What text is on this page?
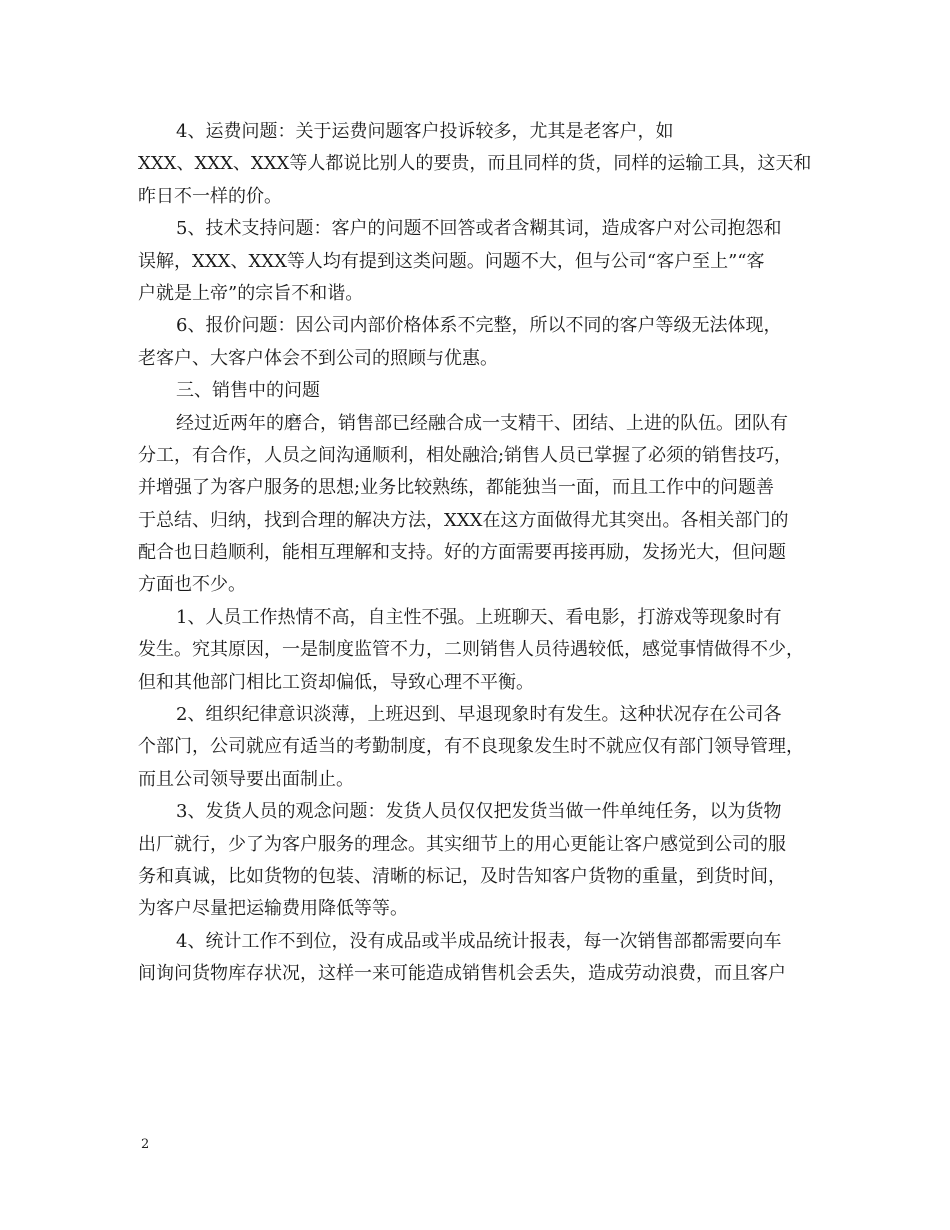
4、运费问题：关于运费问题客户投诉较多，尤其是老客户，如
XXX、XXX、XXX等人都说比别人的要贵，而且同样的货，同样的运输工具，这天和
昨日不一样的价。
5、技术支持问题：客户的问题不回答或者含糊其词，造成客户对公司抱怨和
误解，XXX、XXX等人均有提到这类问题。问题不大，但与公司“客户至上”“客
户就是上帝”的宗旨不和谐。
6、报价问题：因公司内部价格体系不完整，所以不同的客户等级无法体现，
老客户、大客户体会不到公司的照顾与优惠。
三、销售中的问题
经过近两年的磨合，销售部已经融合成一支精干、团结、上进的队伍。团队有
分工，有合作，人员之间沟通顺利，相处融洽;销售人员已掌握了必须的销售技巧，
并增强了为客户服务的思想;业务比较熟练，都能独当一面，而且工作中的问题善
于总结、归纳，找到合理的解决方法，XXX在这方面做得尤其突出。各相关部门的
配合也日趋顺利，能相互理解和支持。好的方面需要再接再励，发扬光大，但问题
方面也不少。
1、人员工作热情不高，自主性不强。上班聊天、看电影，打游戏等现象时有
发生。究其原因，一是制度监管不力，二则销售人员待遇较低，感觉事情做得不少，
但和其他部门相比工资却偏低，导致心理不平衡。
2、组织纪律意识淡薄，上班迟到、早退现象时有发生。这种状况存在公司各
个部门，公司就应有适当的考勤制度，有不良现象发生时不就应仅有部门领导管理，
而且公司领导要出面制止。
3、发货人员的观念问题：发货人员仅仅把发货当做一件单纯任务，以为货物
出厂就行，少了为客户服务的理念。其实细节上的用心更能让客户感觉到公司的服
务和真诚，比如货物的包装、清晰的标记，及时告知客户货物的重量，到货时间，
为客户尽量把运输费用降低等等。
4、统计工作不到位，没有成品或半成品统计报表，每一次销售部都需要向车
间询问货物库存状况，这样一来可能造成销售机会丢失，造成劳动浪费，而且客户
2
